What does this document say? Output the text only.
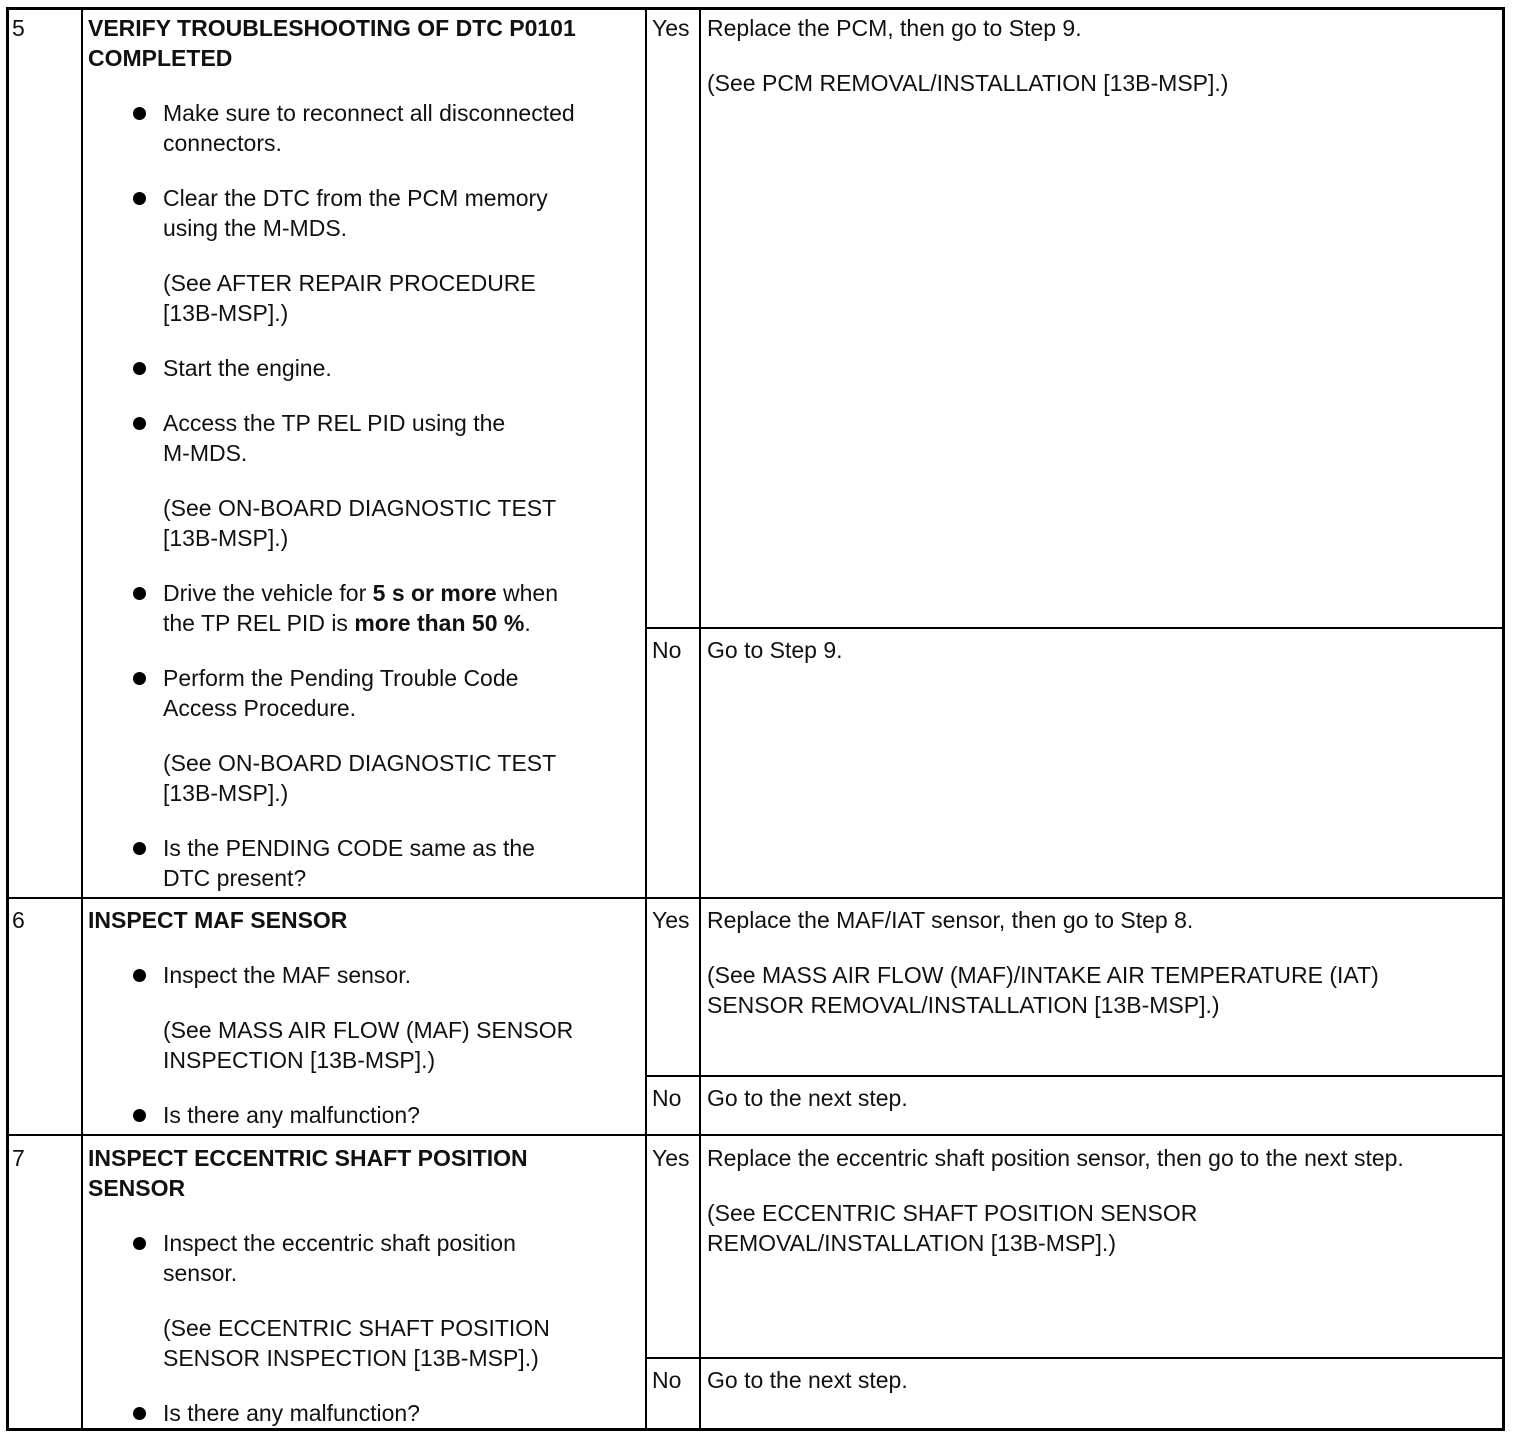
5	VERIFY TROUBLESHOOTING OF DTC P0101
COMPLETED
Make sure to reconnect all disconnected
connectors.
Clear the DTC from the PCM memory
using the M-MDS.
(See AFTER REPAIR PROCEDURE
[13B-MSP].)
Start the engine.
Access the TP REL PID using the
M-MDS.
(See ON-BOARD DIAGNOSTIC TEST
[13B-MSP].)
Drive the vehicle for 5 s or more when
the TP REL PID is more than 50 %.
Perform the Pending Trouble Code
Access Procedure.
(See ON-BOARD DIAGNOSTIC TEST
[13B-MSP].)
Is the PENDING CODE same as the
DTC present?
Yes Replace the PCM, then go to Step 9.
(See PCM REMOVAL/INSTALLATION [13B-MSP].)
No Go to Step 9.
6	INSPECT MAF SENSOR
Inspect the MAF sensor.
(See MASS AIR FLOW (MAF) SENSOR
INSPECTION [13B-MSP].)
Is there any malfunction?
Yes Replace the MAF/IAT sensor, then go to Step 8.
(See MASS AIR FLOW (MAF)/INTAKE AIR TEMPERATURE (IAT)
SENSOR REMOVAL/INSTALLATION [13B-MSP].)
No Go to the next step.
7	INSPECT ECCENTRIC SHAFT POSITION
SENSOR
Inspect the eccentric shaft position
sensor.
(See ECCENTRIC SHAFT POSITION
SENSOR INSPECTION [13B-MSP].)
Is there any malfunction?
Yes Replace the eccentric shaft position sensor, then go to the next step.
(See ECCENTRIC SHAFT POSITION SENSOR
REMOVAL/INSTALLATION [13B-MSP].)
No Go to the next step.
